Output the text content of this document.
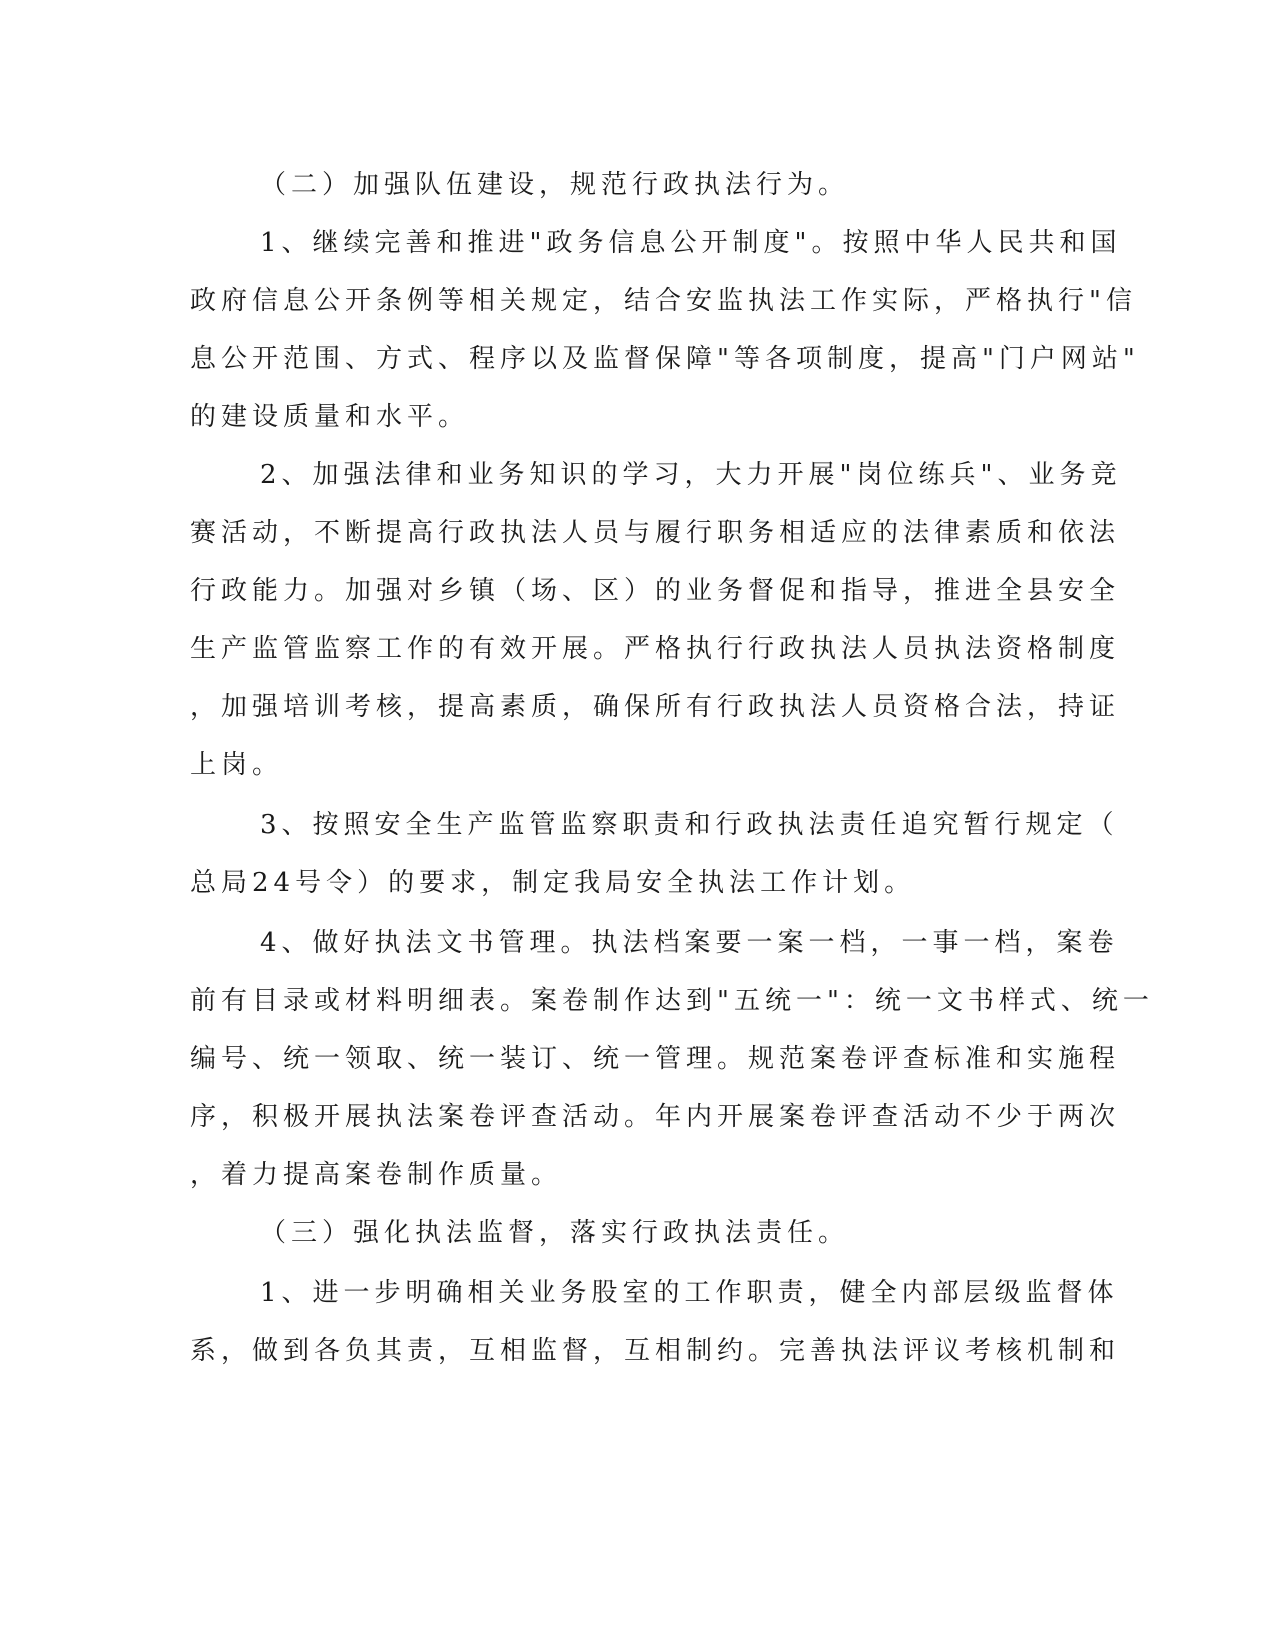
（二）加强队伍建设，规范行政执法行为。

1、继续完善和推进"政务信息公开制度"。按照中华人民共和国

政府信息公开条例等相关规定，结合安监执法工作实际，严格执行"信

息公开范围、方式、程序以及监督保障"等各项制度，提高"门户网站"

的建设质量和水平。

2、加强法律和业务知识的学习，大力开展"岗位练兵"、业务竞

赛活动，不断提高行政执法人员与履行职务相适应的法律素质和依法

行政能力。加强对乡镇（场、区）的业务督促和指导，推进全县安全

生产监管监察工作的有效开展。严格执行行政执法人员执法资格制度

，加强培训考核，提高素质，确保所有行政执法人员资格合法，持证

上岗。

3、按照安全生产监管监察职责和行政执法责任追究暂行规定（

总局24号令）的要求，制定我局安全执法工作计划。

4、做好执法文书管理。执法档案要一案一档，一事一档，案卷

前有目录或材料明细表。案卷制作达到"五统一"：统一文书样式、统一

编号、统一领取、统一装订、统一管理。规范案卷评查标准和实施程

序，积极开展执法案卷评查活动。年内开展案卷评查活动不少于两次

，着力提高案卷制作质量。

（三）强化执法监督，落实行政执法责任。

1、进一步明确相关业务股室的工作职责，健全内部层级监督体

系，做到各负其责，互相监督，互相制约。完善执法评议考核机制和
